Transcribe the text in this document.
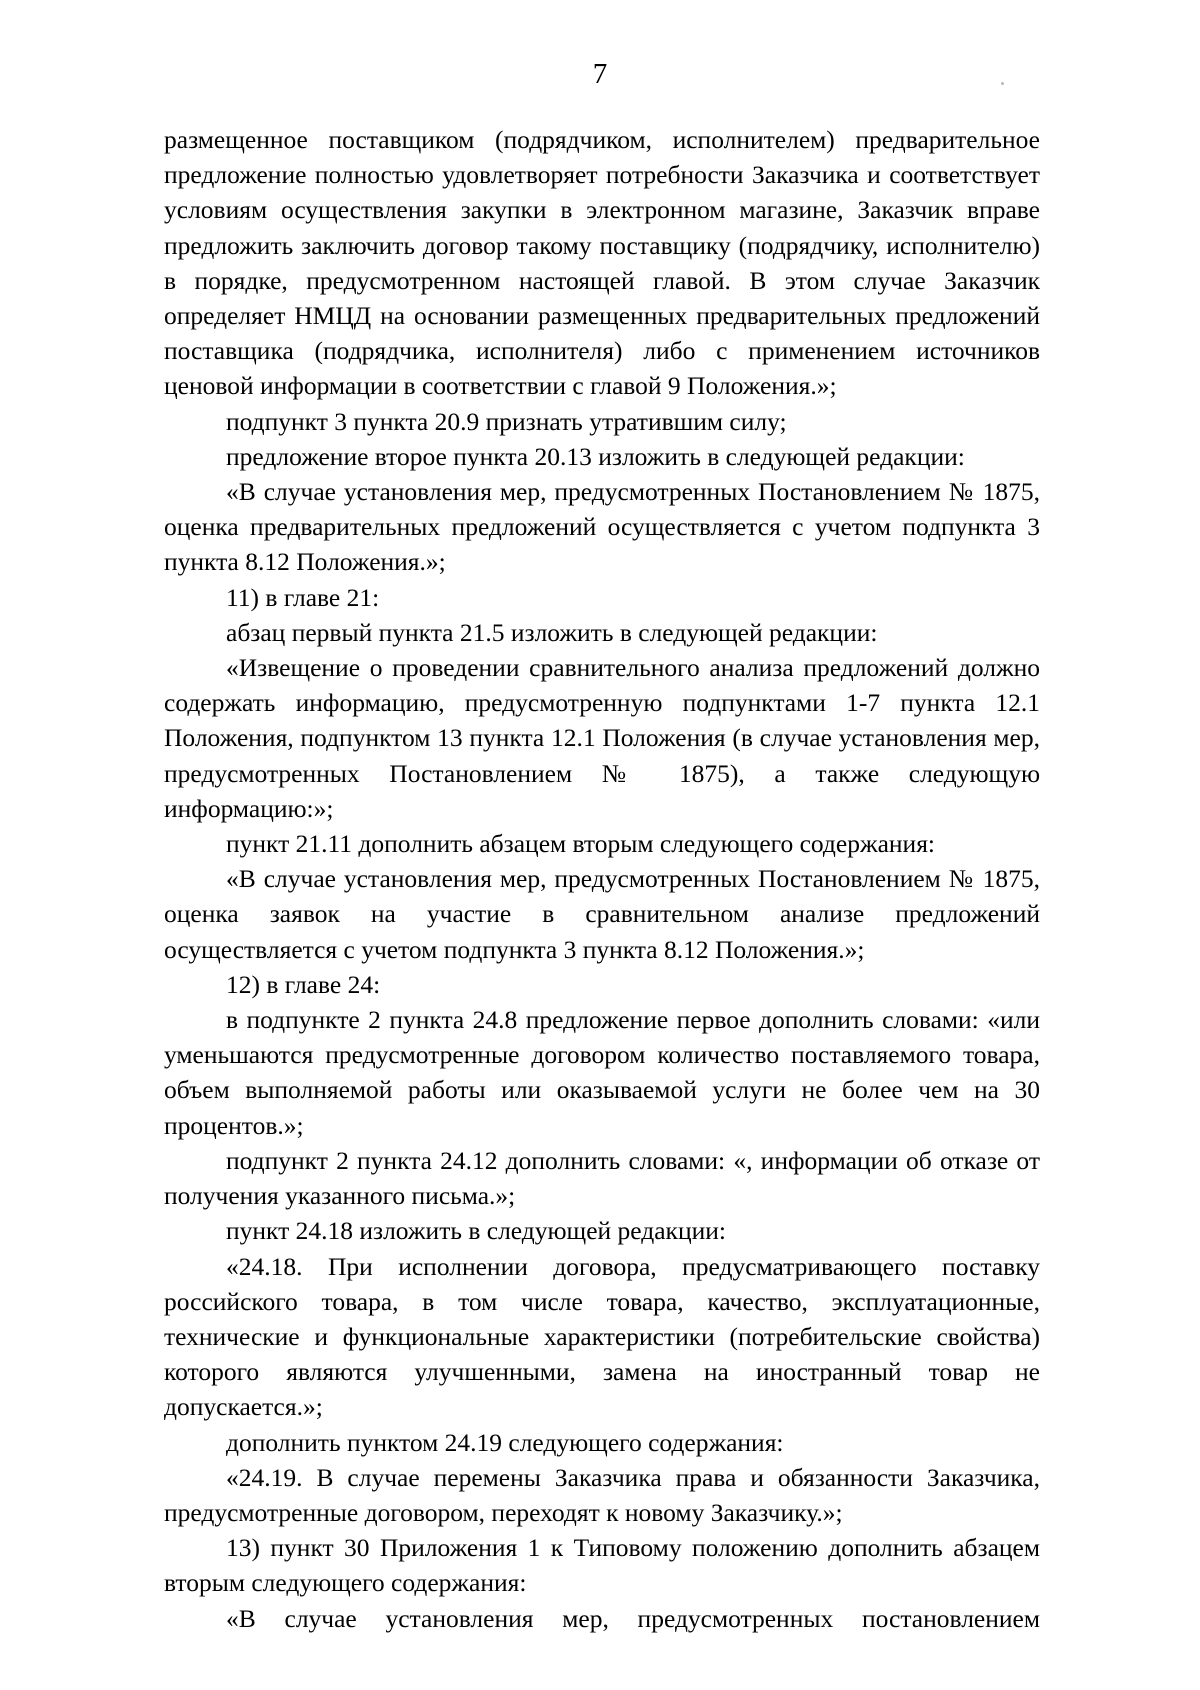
7

размещенное поставщиком (подрядчиком, исполнителем) предварительное предложение полностью удовлетворяет потребности Заказчика и соответствует условиям осуществления закупки в электронном магазине, Заказчик вправе предложить заключить договор такому поставщику (подрядчику, исполнителю) в порядке, предусмотренном настоящей главой. В этом случае Заказчик определяет НМЦД на основании размещенных предварительных предложений поставщика (подрядчика, исполнителя) либо с применением источников ценовой информации в соответствии с главой 9 Положения.»;

подпункт 3 пункта 20.9 признать утратившим силу;

предложение второе пункта 20.13 изложить в следующей редакции:

«В случае установления мер, предусмотренных Постановлением № 1875, оценка предварительных предложений осуществляется с учетом подпункта 3 пункта 8.12 Положения.»;

11) в главе 21:

абзац первый пункта 21.5 изложить в следующей редакции:

«Извещение о проведении сравнительного анализа предложений должно содержать информацию, предусмотренную подпунктами 1-7 пункта 12.1 Положения, подпунктом 13 пункта 12.1 Положения (в случае установления мер, предусмотренных Постановлением № 1875), а также следующую информацию:»;

пункт 21.11 дополнить абзацем вторым следующего содержания:

«В случае установления мер, предусмотренных Постановлением № 1875, оценка заявок на участие в сравнительном анализе предложений осуществляется с учетом подпункта 3 пункта 8.12 Положения.»;

12) в главе 24:

в подпункте 2 пункта 24.8 предложение первое дополнить словами: «или уменьшаются предусмотренные договором количество поставляемого товара, объем выполняемой работы или оказываемой услуги не более чем на 30 процентов.»;

подпункт 2 пункта 24.12 дополнить словами: «, информации об отказе от получения указанного письма.»;

пункт 24.18 изложить в следующей редакции:

«24.18. При исполнении договора, предусматривающего поставку российского товара, в том числе товара, качество, эксплуатационные, технические и функциональные характеристики (потребительские свойства) которого являются улучшенными, замена на иностранный товар не допускается.»;

дополнить пунктом 24.19 следующего содержания:

«24.19. В случае перемены Заказчика права и обязанности Заказчика, предусмотренные договором, переходят к новому Заказчику.»;

13) пункт 30 Приложения 1 к Типовому положению дополнить абзацем вторым следующего содержания:

«В случае установления мер, предусмотренных постановлением
